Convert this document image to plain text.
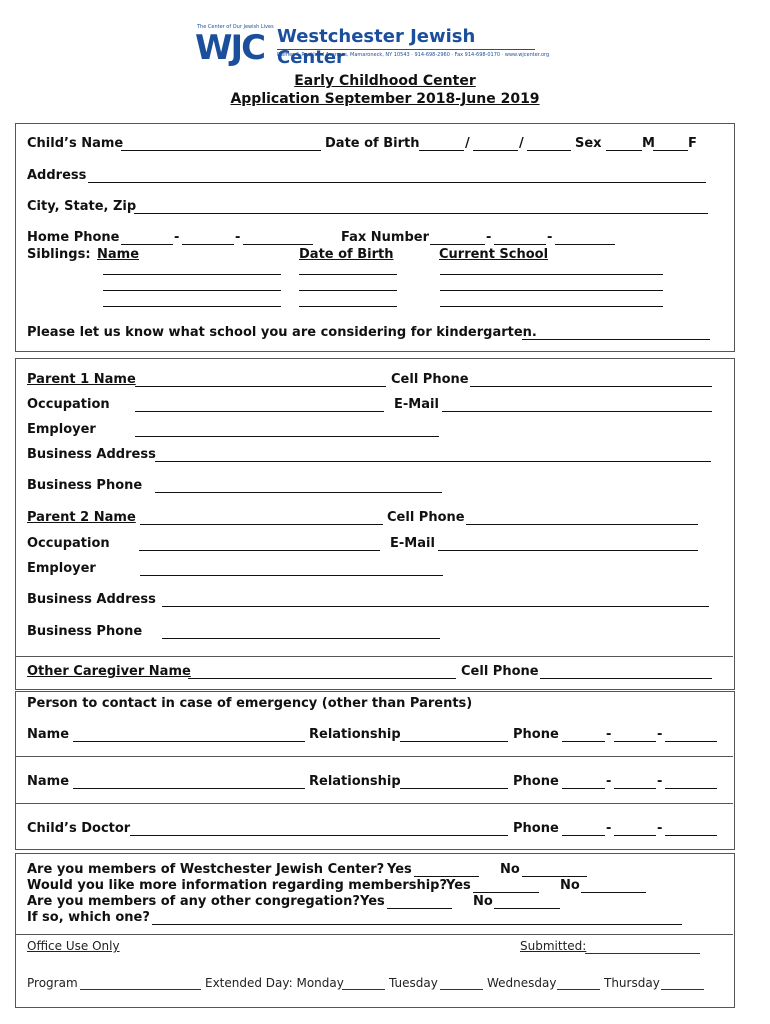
The Center of Our Jewish Lives
WJC Westchester Jewish Center
Palmer & Rockland Avenues, Mamaroneck, NY 10543 · 914-698-2960 · Fax 914-698-0170 · www.wjcenter.org
Early Childhood Center
Application September 2018-June 2019
Child’s Name	Date of Birth	/	/	Sex	M	F
Address
City, State, Zip
Home Phone	-	-	Fax Number	-	-
Siblings: Name	Date of Birth	Current School
Please let us know what school you are considering for kindergarten.
Parent 1 Name	Cell Phone
Occupation	E-Mail
Employer
Business Address
Business Phone
Parent 2 Name	Cell Phone
Occupation	E-Mail
Employer
Business Address
Business Phone
Other Caregiver Name	Cell Phone
Person to contact in case of emergency (other than Parents)
Name	Relationship	Phone	-	-
Name	Relationship	Phone	-	-
Child’s Doctor	Phone	-	-
Are you members of Westchester Jewish Center? Yes	No
Would you like more information regarding membership?
Yes	No
Are you members of any other congregation? Yes	No
If so, which one?
Office Use Only	Submitted:
Program	Extended Day: Monday	Tuesday	Wednesday	Thursday
